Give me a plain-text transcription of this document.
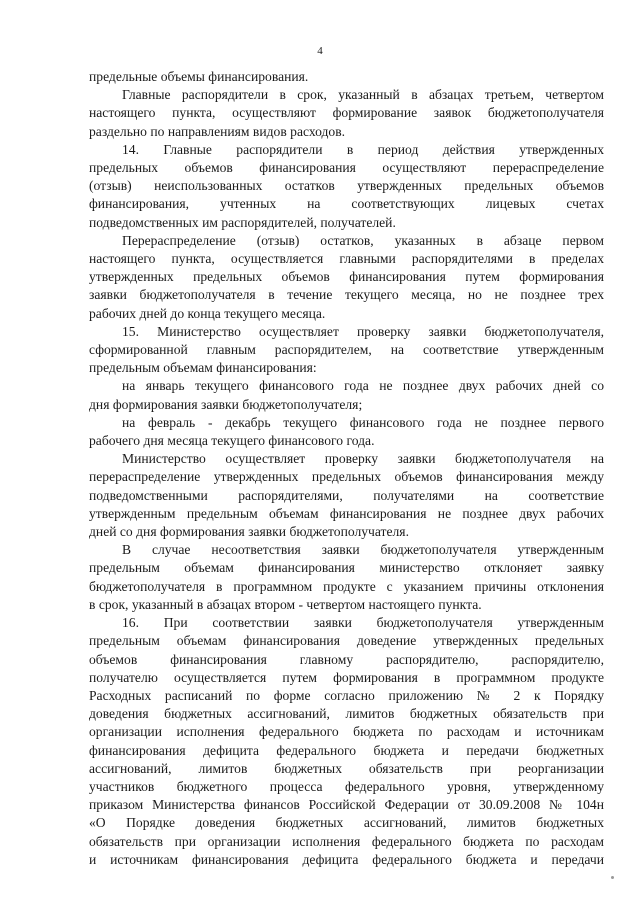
4
предельные объемы финансирования.
Главные распорядители в срок, указанный в абзацах третьем, четвертом
настоящего пункта, осуществляют формирование заявок бюджетополучателя
раздельно по направлениям видов расходов.
14. Главные распорядители в период действия утвержденных
предельных объемов финансирования осуществляют перераспределение
(отзыв) неиспользованных остатков утвержденных предельных объемов
финансирования, учтенных на соответствующих лицевых счетах
подведомственных им распорядителей, получателей.
Перераспределение (отзыв) остатков, указанных в абзаце первом
настоящего пункта, осуществляется главными распорядителями в пределах
утвержденных предельных объемов финансирования путем формирования
заявки бюджетополучателя в течение текущего месяца, но не позднее трех
рабочих дней до конца текущего месяца.
15. Министерство осуществляет проверку заявки бюджетополучателя,
сформированной главным распорядителем, на соответствие утвержденным
предельным объемам финансирования:
на январь текущего финансового года не позднее двух рабочих дней со
дня формирования заявки бюджетополучателя;
на февраль - декабрь текущего финансового года не позднее первого
рабочего дня месяца текущего финансового года.
Министерство осуществляет проверку заявки бюджетополучателя на
перераспределение утвержденных предельных объемов финансирования между
подведомственными распорядителями, получателями на соответствие
утвержденным предельным объемам финансирования не позднее двух рабочих
дней со дня формирования заявки бюджетополучателя.
В случае несоответствия заявки бюджетополучателя утвержденным
предельным объемам финансирования министерство отклоняет заявку
бюджетополучателя в программном продукте с указанием причины отклонения
в срок, указанный в абзацах втором - четвертом настоящего пункта.
16. При соответствии заявки бюджетополучателя утвержденным
предельным объемам финансирования доведение утвержденных предельных
объемов финансирования главному распорядителю, распорядителю,
получателю осуществляется путем формирования в программном продукте
Расходных расписаний по форме согласно приложению № 2 к Порядку
доведения бюджетных ассигнований, лимитов бюджетных обязательств при
организации исполнения федерального бюджета по расходам и источникам
финансирования дефицита федерального бюджета и передачи бюджетных
ассигнований, лимитов бюджетных обязательств при реорганизации
участников бюджетного процесса федерального уровня, утвержденному
приказом Министерства финансов Российской Федерации от 30.09.2008 № 104н
«О Порядке доведения бюджетных ассигнований, лимитов бюджетных
обязательств при организации исполнения федерального бюджета по расходам
и источникам финансирования дефицита федерального бюджета и передачи
